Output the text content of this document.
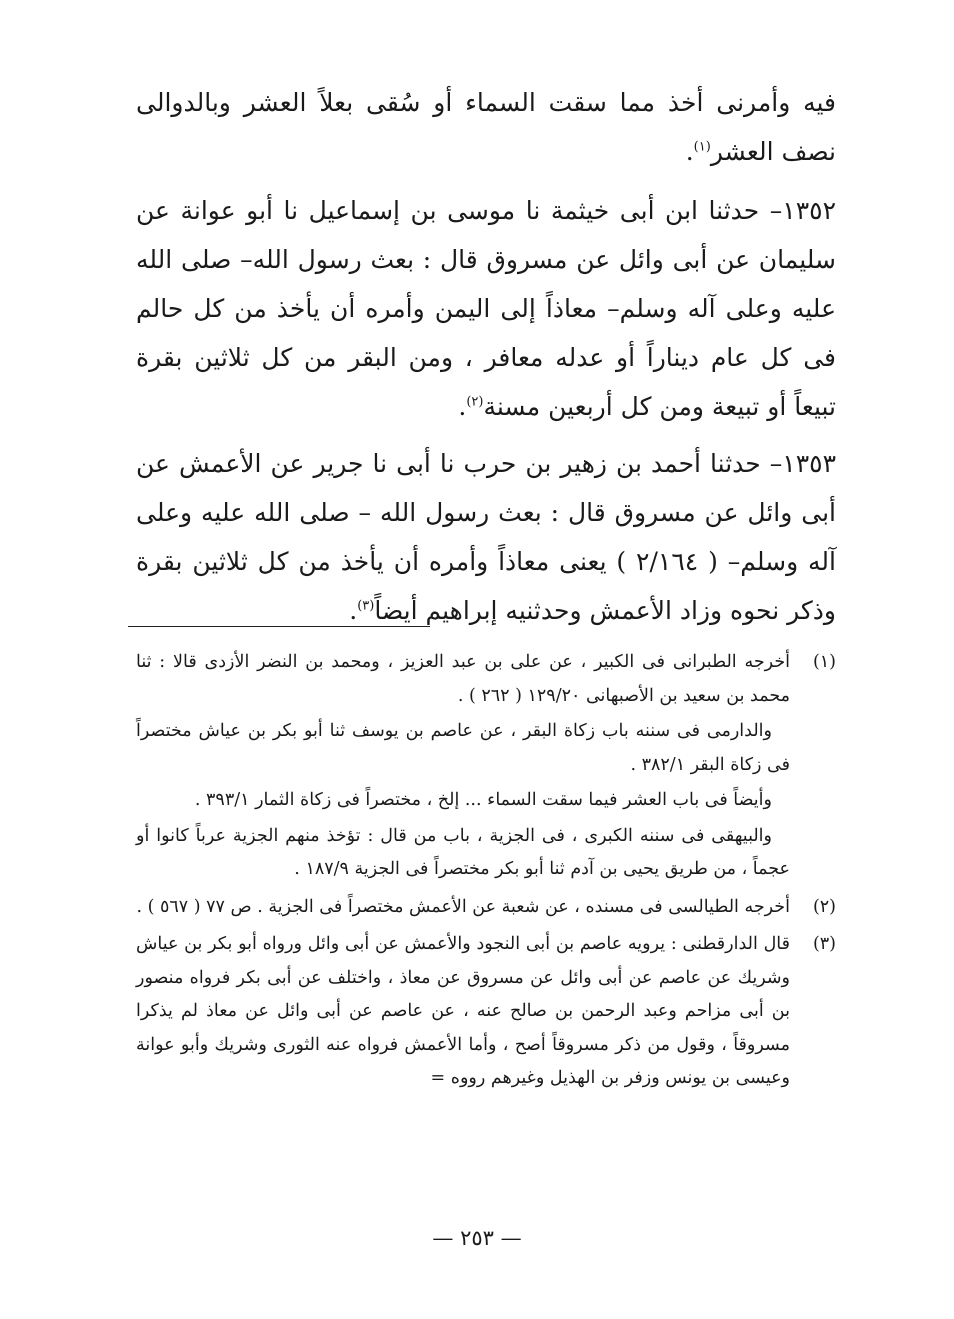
فيه وأمرنى أخذ مما سقت السماء أو سُقى بعلاً العشر وبالدوالى نصف العشر$^{(١)}$.

١٣٥٢– حدثنا ابن أبى خيثمة نا موسى بن إسماعيل نا أبو عوانة عن سليمان عن أبى وائل عن مسروق قال : بعث رسول الله– صلى الله عليه وعلى آله وسلم– معاذاً إلى اليمن وأمره أن يأخذ من كل حالم فى كل عام ديناراً أو عدله معافر ، ومن البقر من كل ثلاثين بقرة تبيعاً أو تبيعة ومن كل أربعين مسنة$^{(٢)}$.

١٣٥٣– حدثنا أحمد بن زهير بن حرب نا أبى نا جرير عن الأعمش عن أبى وائل عن مسروق قال : بعث رسول الله – صلى الله عليه وعلى آله وسلم– ( ٢/١٦٤ ) يعنى معاذاً وأمره أن يأخذ من كل ثلاثين بقرة وذكر نحوه وزاد الأعمش وحدثنيه إبراهيم أيضاً$^{(٣)}$.

(١)

أخرجه الطبرانى فى الكبير ، عن على بن عبد العزيز ، ومحمد بن النضر الأزدى قالا : ثنا محمد بن سعيد بن الأصبهانى ١٢٩/٢٠ ( ٢٦٢ ) .

والدارمى فى سننه باب زكاة البقر ، عن عاصم بن يوسف ثنا أبو بكر بن عياش مختصراً فى زكاة البقر ٣٨٢/١ .

وأيضاً فى باب العشر فيما سقت السماء ... إلخ ، مختصراً فى زكاة الثمار ٣٩٣/١ .

والبيهقى فى سننه الكبرى ، فى الجزية ، باب من قال : تؤخذ منهم الجزية عرباً كانوا أو عجماً ، من طريق يحيى بن آدم ثنا أبو بكر مختصراً فى الجزية ١٨٧/٩ .

(٢)

أخرجه الطيالسى فى مسنده ، عن شعبة عن الأعمش مختصراً فى الجزية . ص ٧٧ ( ٥٦٧ ) .

(٣)

قال الدارقطنى : يرويه عاصم بن أبى النجود والأعمش عن أبى وائل ورواه أبو بكر بن عياش وشريك عن عاصم عن أبى وائل عن مسروق عن معاذ ، واختلف عن أبى بكر فرواه منصور بن أبى مزاحم وعبد الرحمن بن صالح عنه ، عن عاصم عن أبى وائل عن معاذ لم يذكرا مسروقاً ، وقول من ذكر مسروقاً أصح ، وأما الأعمش فرواه عنه الثورى وشريك وأبو عوانة وعيسى بن يونس وزفر بن الهذيل وغيرهم رووه =

— ٢٥٣ —
